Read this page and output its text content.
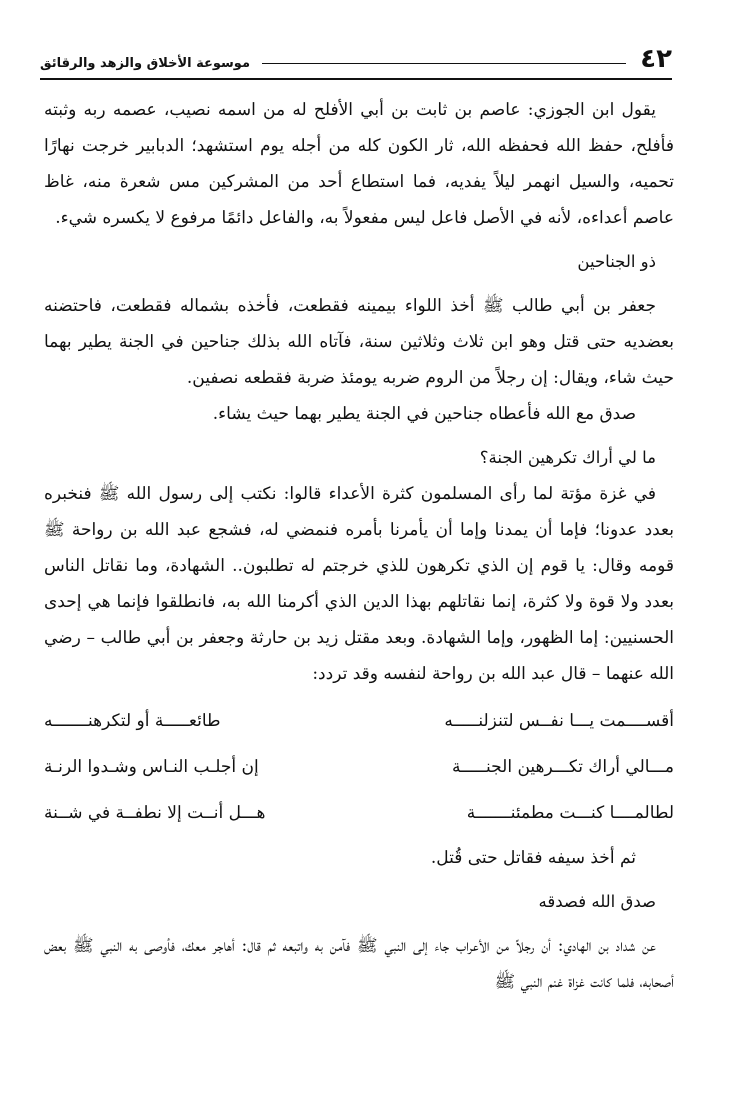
٤٢
موسوعة الأخلاق والزهد والرقائق

يقول ابن الجوزي: عاصم بن ثابت بن أبي الأفلح له من اسمه نصيب، عصمه ربه وثبته فأفلح، حفظ الله فحفظه الله، ثار الكون كله من أجله يوم استشهد؛ الدبابير خرجت نهارًا تحميه، والسيل انهمر ليلاً يفديه، فما استطاع أحد من المشركين مس شعرة منه، غاظ عاصم أعداءه، لأنه في الأصل فاعل ليس مفعولاً به، والفاعل دائمًا مرفوع لا يكسره شيء.

ذو الجناحين

جعفر بن أبي طالب ﷺ أخذ اللواء بيمينه فقطعت، فأخذه بشماله فقطعت، فاحتضنه بعضديه حتى قتل وهو ابن ثلاث وثلاثين سنة، فآتاه الله بذلك جناحين في الجنة يطير بهما حيث شاء، ويقال: إن رجلاً من الروم ضربه يومئذ ضربة فقطعه نصفين.

صدق مع الله فأعطاه جناحين في الجنة يطير بهما حيث يشاء.

ما لي أراك تكرهين الجنة؟

في غزة مؤتة لما رأى المسلمون كثرة الأعداء قالوا: نكتب إلى رسول الله ﷺ فنخبره بعدد عدونا؛ فإما أن يمدنا وإما أن يأمرنا بأمره فنمضي له، فشجع عبد الله بن رواحة ﷺ قومه وقال: يا قوم إن الذي تكرهون للذي خرجتم له تطلبون.. الشهادة، وما نقاتل الناس بعدد ولا قوة ولا كثرة، إنما نقاتلهم بهذا الدين الذي أكرمنا الله به، فانطلقوا فإنما هي إحدى الحسنيين: إما الظهور، وإما الشهادة. وبعد مقتل زيد بن حارثة وجعفر بن أبي طالب – رضي الله عنهما – قال عبد الله بن رواحة لنفسه وقد تردد:

أقســــمت يـــا نفــس لتنزلنـــــه
طائعـــــة أو لتكرهنـــــــه
مـــالي أراك تكـــرهين الجنـــــة
إن أجلـب النـاس وشـدوا الرنـة
لطالمــــا كنـــت مطمئنـــــــة
هـــل أنــت إلا نطفــة في شــنة

ثم أخذ سيفه فقاتل حتى قُتل.

صدق الله فصدقه

عن شداد بن الهادي: أن رجلاً من الأعراب جاء إلى النبي ﷺ فآمن به واتبعه ثم قال: أهاجر معك، فأوصى به النبي ﷺ بعض أصحابه، فلما كانت غزاة غنم النبي ﷺ
